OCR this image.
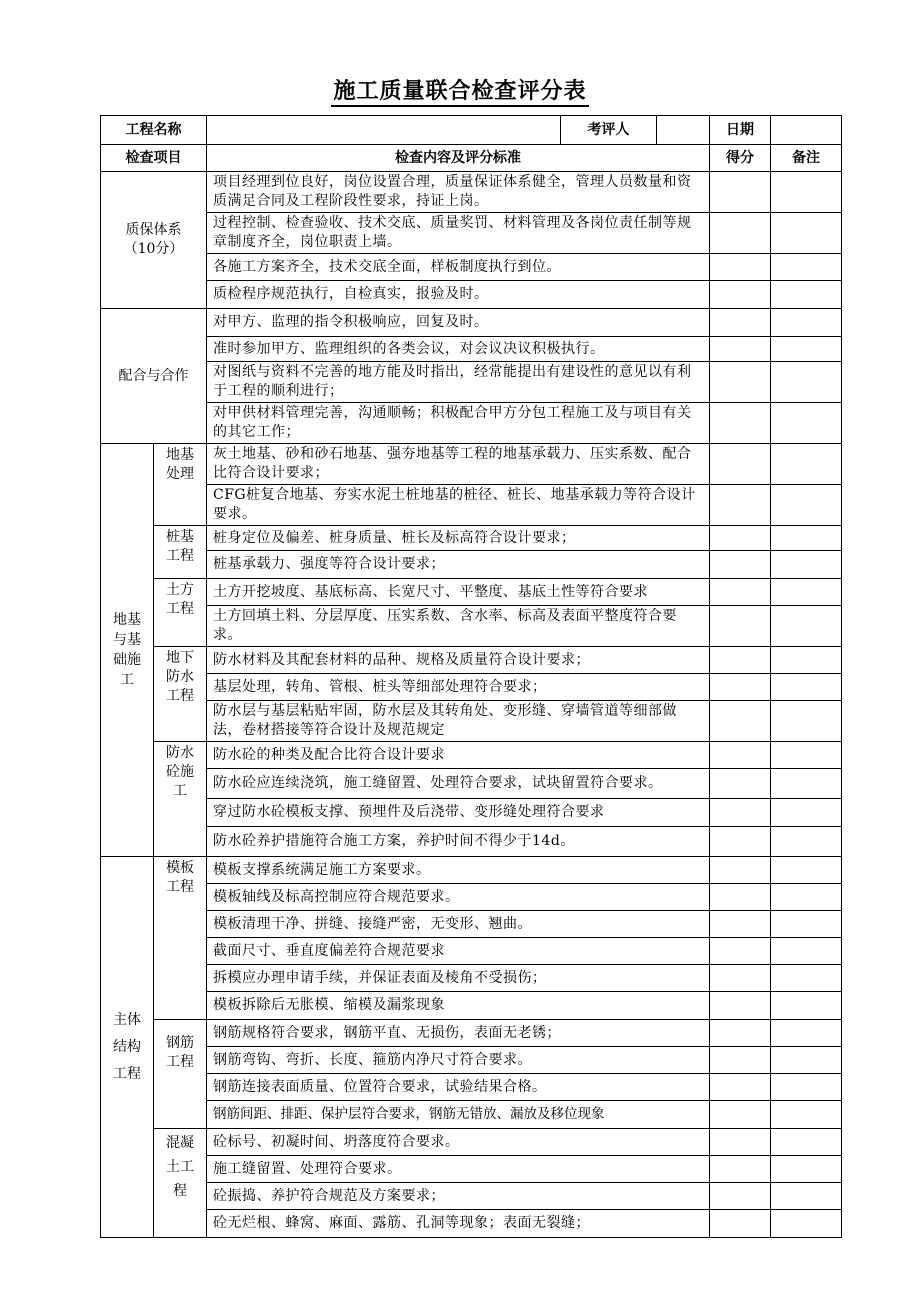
施工质量联合检查评分表
工程名称			考评人	日期	
检查项目		检查内容及评分标准		得分	备注

质保体系
（10分）		项目经理到位良好，岗位设置合理，质量保证体系健全，管理人员数量和资质满足合同及工程阶段性要求，持证上岗。			
		过程控制、检查验收、技术交底、质量奖罚、材料管理及各岗位责任制等规章制度齐全，岗位职责上墙。			
		各施工方案齐全，技术交底全面，样板制度执行到位。			
		质检程序规范执行，自检真实，报验及时。			
配合与合作		对甲方、监理的指令积极响应，回复及时。			
		准时参加甲方、监理组织的各类会议，对会议决议积极执行。			
		对图纸与资料不完善的地方能及时指出，经常能提出有建设性的意见以有利于工程的顺利进行；			
		对甲供材料管理完善，沟通顺畅；积极配合甲方分包工程施工及与项目有关的其它工作；			

地基与基础施工	地基处理	灰土地基、砂和砂石地基、强夯地基等工程的地基承载力、压实系数、配合比符合设计要求；			
		CFG桩复合地基、夯实水泥土桩地基的桩径、桩长、地基承载力等符合设计要求。			

	桩基工程	桩身定位及偏差、桩身质量、桩长及标高符合设计要求；			
		桩基承载力、强度等符合设计要求；			

	土方工程	土方开挖坡度、基底标高、长宽尺寸、平整度、基底土性等符合要求			
		土方回填土料、分层厚度、压实系数、含水率、标高及表面平整度符合要求。			

	地下防水工程	防水材料及其配套材料的品种、规格及质量符合设计要求；			
		基层处理，转角、管根、桩头等细部处理符合要求；			
		防水层与基层粘贴牢固，防水层及其转角处、变形缝、穿墙管道等细部做法，卷材搭接等符合设计及规范规定			

	防水砼施工	防水砼的种类及配合比符合设计要求			
		防水砼应连续浇筑，施工缝留置、处理符合要求，试块留置符合要求。			
		穿过防水砼模板支撑、预埋件及后浇带、变形缝处理符合要求			
		防水砼养护措施符合施工方案，养护时间不得少于14d。			

主体结构工程	模板工程	模板支撑系统满足施工方案要求。			
		模板轴线及标高控制应符合规范要求。			
		模板清理干净、拼缝、接缝严密，无变形、翘曲。			
		截面尺寸、垂直度偏差符合规范要求			
		拆模应办理申请手续，并保证表面及棱角不受损伤；			
		模板拆除后无胀模、缩模及漏浆现象			

	钢筋工程	钢筋规格符合要求，钢筋平直、无损伤，表面无老锈；			
		钢筋弯钩、弯折、长度、箍筋内净尺寸符合要求。			
		钢筋连接表面质量、位置符合要求，试验结果合格。			
		钢筋间距、排距、保护层符合要求，钢筋无错放、漏放及移位现象			

	混凝土工程	砼标号、初凝时间、坍落度符合要求。			
		施工缝留置、处理符合要求。			
		砼振捣、养护符合规范及方案要求；			
		砼无烂根、蜂窝、麻面、露筋、孔洞等现象；表面无裂缝；			
